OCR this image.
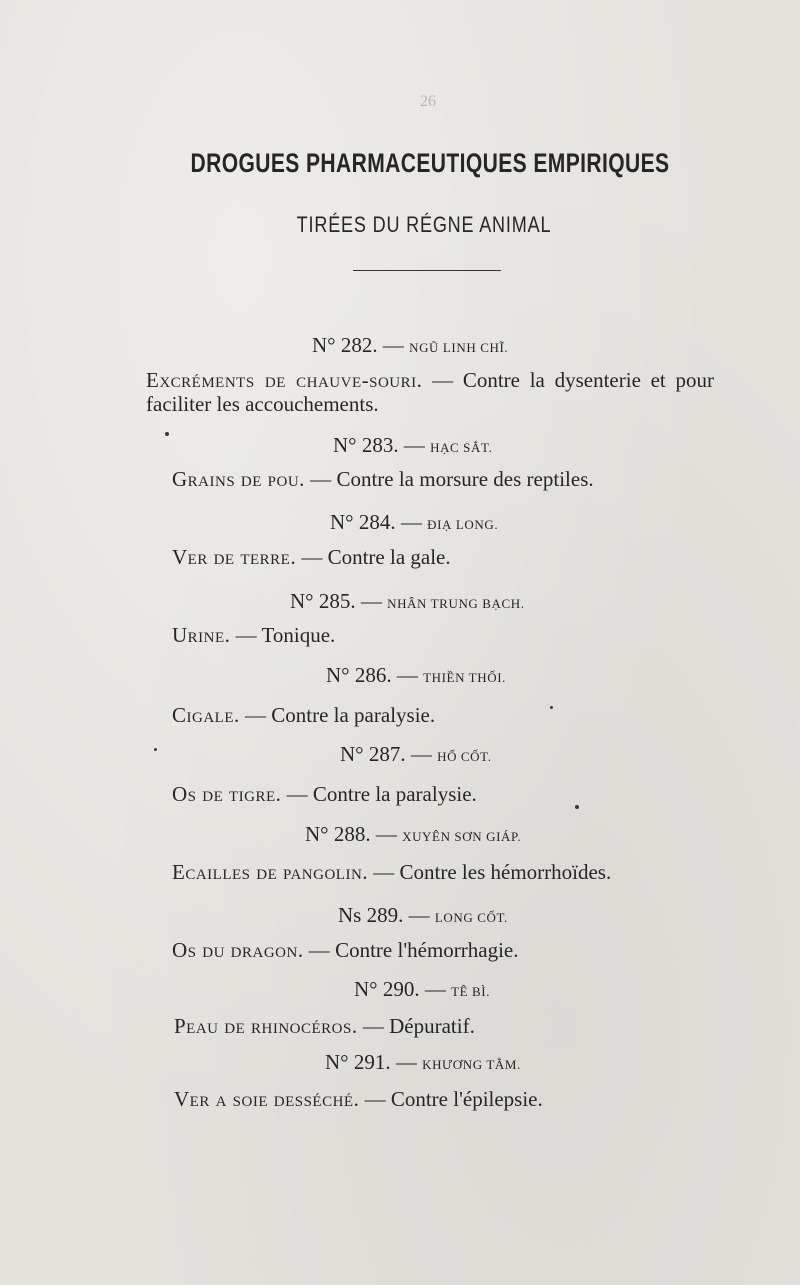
26
DROGUES PHARMACEUTIQUES EMPIRIQUES
TIRÉES DU RÉGNE ANIMAL
N° 282. — NGŨ LINH CHĨ.
Excréments de chauve-souri. — Contre la dysenterie et pour faciliter les accouchements.
N° 283. — HẠC SẮT.
Grains de pou. — Contre la morsure des reptiles.
N° 284. — ĐIẠ LONG.
Ver de terre. — Contre la gale.
N° 285. — NHÂN TRUNG BẠCH.
Urine. — Tonique.
N° 286. — THIỀN THỐI.
Cigale. — Contre la paralysie.
N° 287. — HỔ CỐT.
Os de tigre. — Contre la paralysie.
N° 288. — XUYÊN SƠN GIÁP.
Ecailles de pangolin. — Contre les hémorrhoïdes.
Ns 289. — LONG CỐT.
Os du dragon. — Contre l'hémorrhagie.
N° 290. — TÊ BÌ.
Peau de rhinocéros. — Dépuratif.
N° 291. — KHƯƠNG TẰM.
Ver a soie desséché. — Contre l'épilepsie.
